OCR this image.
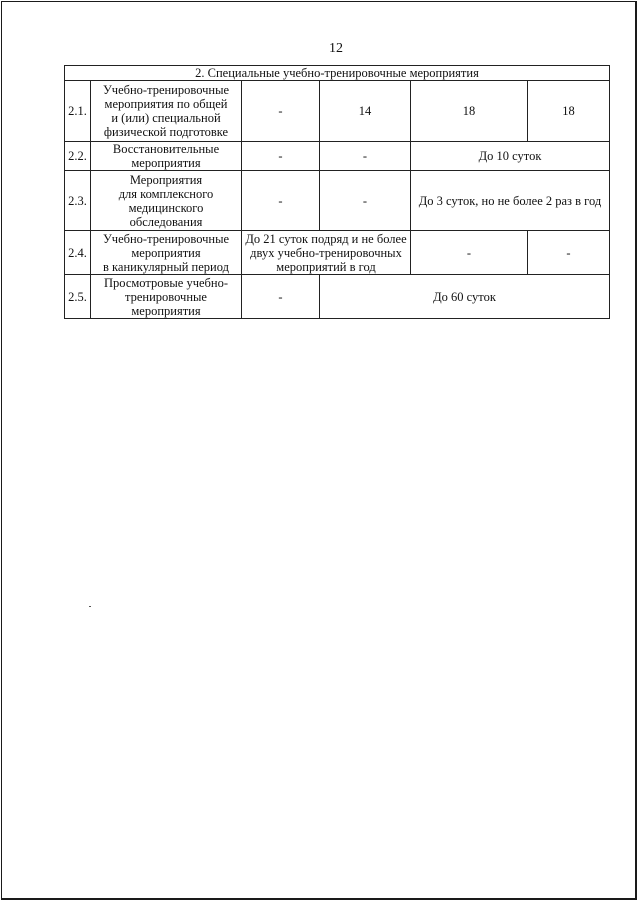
12
2. Специальные учебно-тренировочные мероприятия					
2.1.	Учебно-тренировочные
мероприятия по общей
и (или) специальной
физической подготовке	-	14	18	18
2.2.	Восстановительные
мероприятия	-	-	До 10 суток	
2.3.	Мероприятия
для комплексного
медицинского
обследования	-	-	До 3 суток, но не более 2 раз в год	
2.4.	Учебно-тренировочные
мероприятия
в каникулярный период	До 21 суток подряд и не более
двух учебно-тренировочных
мероприятий в год		-	-
2.5.	Просмотровые учебно-
тренировочные
мероприятия	-	До 60 суток		
